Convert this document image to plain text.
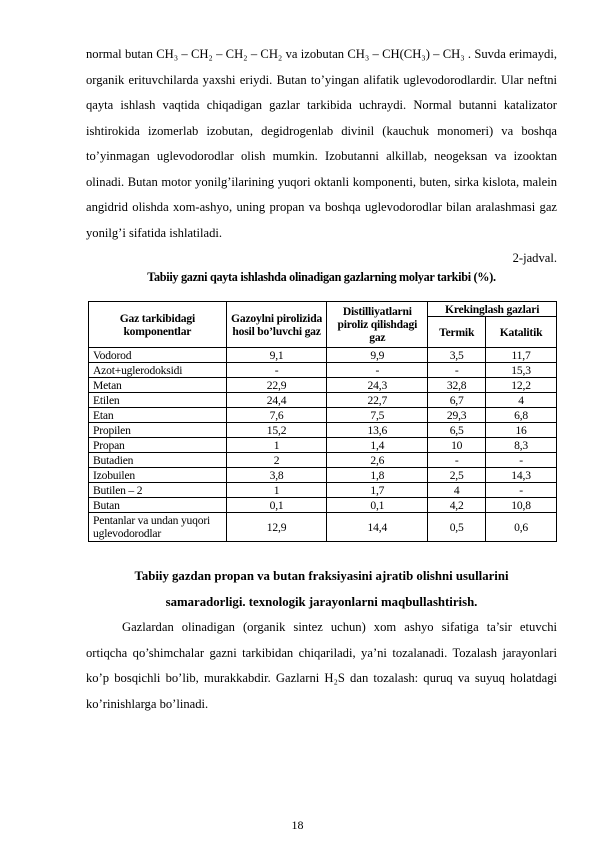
normal butan CH₃ – CH₂ – CH₂ – CH₂ va izobutan CH₃ – CH(CH₃) – CH₃ . Suvda erimaydi, organik erituvchilarda yaxshi eriydi. Butan to’yingan alifatik uglevodorodlardir. Ular neftni qayta ishlash vaqtida chiqadigan gazlar tarkibida uchraydi. Normal butanni katalizator ishtirokida izomerlab izobutan, degidrogenlab divinil (kauchuk monomeri) va boshqa to’yinmagan uglevodorodlar olish mumkin. Izobutanni alkillab, neogeksan va izooktan olinadi. Butan motor yonilg’ilarining yuqori oktanli komponenti, buten, sirka kislota, malein angidrid olishda xom-ashyo, uning propan va boshqa uglevodorodlar bilan aralashmasi gaz yonilg’i sifatida ishlatiladi.

2-jadval.
Tabiiy gazni qayta ishlashda olinadigan gazlarning molyar tarkibi (%).
Gaz tarkibidagi komponentlar	Gazoylni pirolizida hosil bo’luvchi gaz	Distilliyatlarni piroliz qilishdagi gaz	Krekinglash gazlari	
			Termik	Katalitik
Vodorod	9,1	9,9	3,5	11,7
Azot+uglerodoksidi	-	-	-	15,3
Metan	22,9	24,3	32,8	12,2
Etilen	24,4	22,7	6,7	4
Etan	7,6	7,5	29,3	6,8
Propilen	15,2	13,6	6,5	16
Propan	1	1,4	10	8,3
Butadien	2	2,6	-	-
Izobuilen	3,8	1,8	2,5	14,3
Butilen – 2	1	1,7	4	-
Butan	0,1	0,1	4,2	10,8
Pentanlar va undan yuqori uglevodorodlar	12,9	14,4	0,5	0,6
Tabiiy gazdan propan va butan fraksiyasini ajratib olishni usullarini
samaradorligi. texnologik jarayonlarni maqbullashtirish.

Gazlardan olinadigan (organik sintez uchun) xom ashyo sifatiga ta’sir etuvchi ortiqcha qo’shimchalar gazni tarkibidan chiqariladi, ya’ni tozalanadi. Tozalash jarayonlari ko’p bosqichli bo’lib, murakkabdir. Gazlarni H₂S dan tozalash: quruq va suyuq holatdagi ko’rinishlarga bo’linadi.

18
